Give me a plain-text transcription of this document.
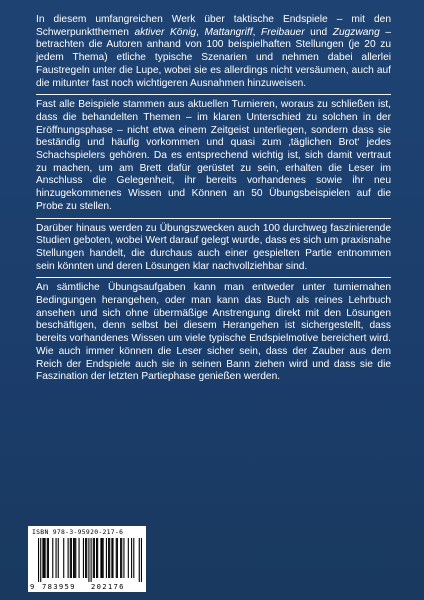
In diesem umfangreichen Werk über taktische Endspiele – mit den Schwerpunktthemen aktiver König, Mattangriff, Freibauer und Zugzwang – betrachten die Autoren anhand von 100 beispielhaften Stellungen (je 20 zu jedem Thema) etliche typische Szenarien und nehmen dabei allerlei Faustregeln unter die Lupe, wobei sie es allerdings nicht versäumen, auch auf die mitunter fast noch wichtigeren Ausnahmen hinzuweisen.

Fast alle Beispiele stammen aus aktuellen Turnieren, woraus zu schließen ist, dass die behandelten Themen – im klaren Unterschied zu solchen in der Eröffnungsphase – nicht etwa einem Zeitgeist unterliegen, sondern dass sie beständig und häufig vorkommen und quasi zum ‚täglichen Brot‘ jedes Schachspielers gehören. Da es entsprechend wichtig ist, sich damit vertraut zu machen, um am Brett dafür gerüstet zu sein, erhalten die Leser im Anschluss die Gelegenheit, ihr bereits vorhandenes sowie ihr neu hinzugekommenes Wissen und Können an 50 Übungsbeispielen auf die Probe zu stellen.

Darüber hinaus werden zu Übungszwecken auch 100 durchweg faszinierende Studien geboten, wobei Wert darauf gelegt wurde, dass es sich um praxisnahe Stellungen handelt, die durchaus auch einer gespielten Partie entnommen sein könnten und deren Lösungen klar nachvollziehbar sind.

An sämtliche Übungsaufgaben kann man entweder unter turniernahen Bedingungen herangehen, oder man kann das Buch als reines Lehrbuch ansehen und sich ohne übermäßige Anstrengung direkt mit den Lösungen beschäftigen, denn selbst bei diesem Herangehen ist sichergestellt, dass bereits vorhandenes Wissen um viele typische Endspielmotive bereichert wird. Wie auch immer können die Leser sicher sein, dass der Zauber aus dem Reich der Endspiele auch sie in seinen Bann ziehen wird und dass sie die Faszination der letzten Partiephase genießen werden.

ISBN 978-3-95920-217-6
9 783959 202176
